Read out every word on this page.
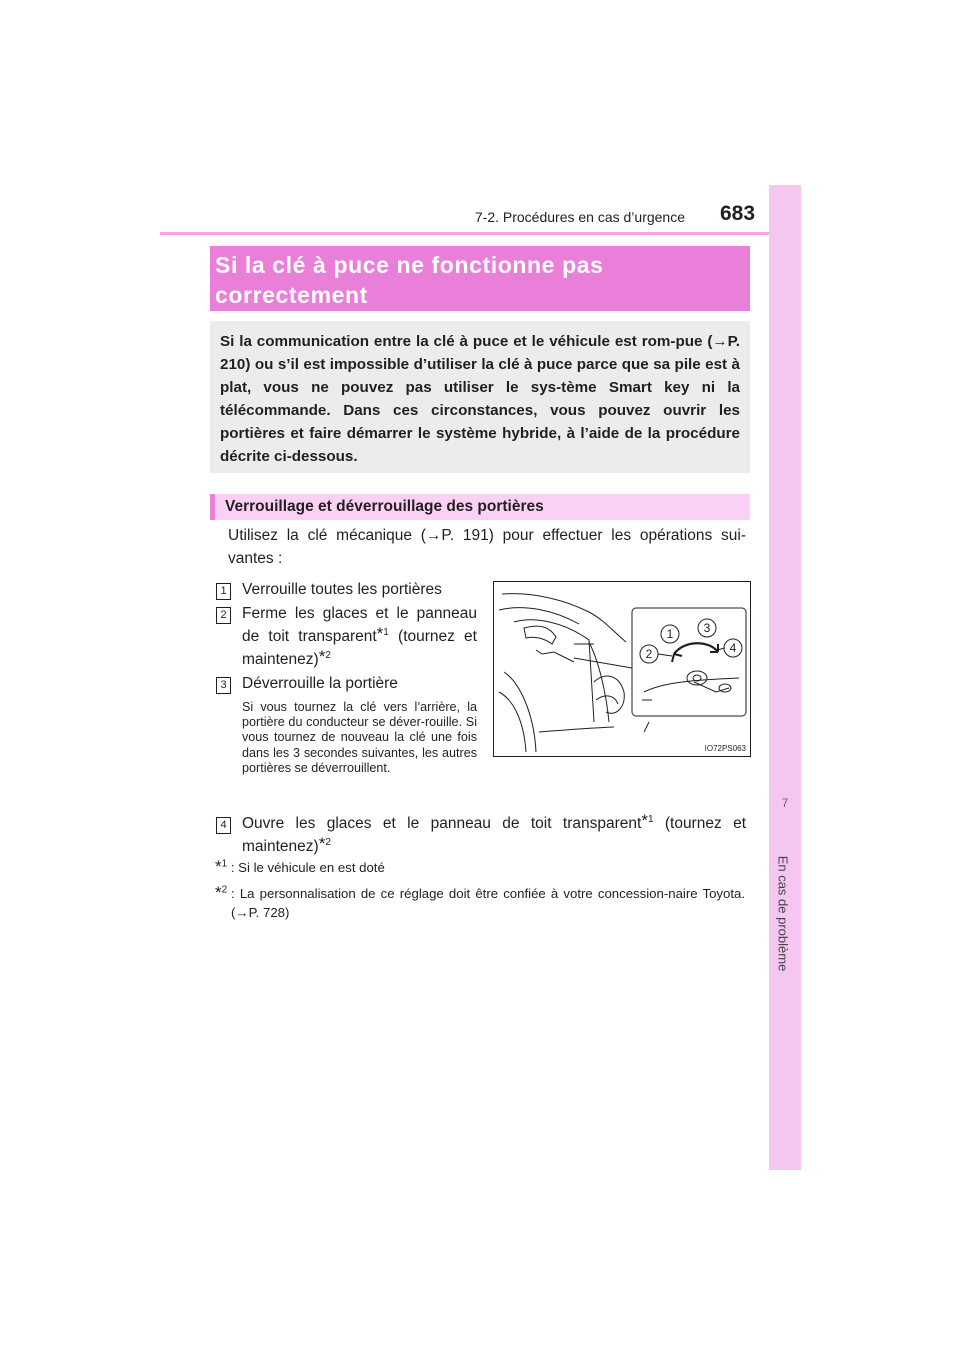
7-2. Procédures en cas d’urgence 683
7
En cas de problème
Si la clé à puce ne fonctionne pas correctement
Si la communication entre la clé à puce et le véhicule est rom-pue (→P. 210) ou s’il est impossible d’utiliser la clé à puce parce que sa pile est à plat, vous ne pouvez pas utiliser le sys-tème Smart key ni la télécommande. Dans ces circonstances, vous pouvez ouvrir les portières et faire démarrer le système hybride, à l’aide de la procédure décrite ci-dessous.
Verrouillage et déverrouillage des portières
Utilisez la clé mécanique (→P. 191) pour effectuer les opérations sui-vantes :
1 Verrouille toutes les portières
2 Ferme les glaces et le panneau de toit transparent*$^1$ (tournez et maintenez)*$^2$
3 Déverrouille la portière
Si vous tournez la clé vers l’arrière, la portière du conducteur se déver-rouille. Si vous tournez de nouveau la clé une fois dans les 3 secondes suivantes, les autres portières se déverrouillent.
4 Ouvre les glaces et le panneau de toit transparent*$^1$ (tournez et maintenez)*$^2$
1
2
3
4
IO72PS063
*$^1$ : Si le véhicule en est doté
*$^2$ : La personnalisation de ce réglage doit être confiée à votre concession-naire Toyota. (→P. 728)
